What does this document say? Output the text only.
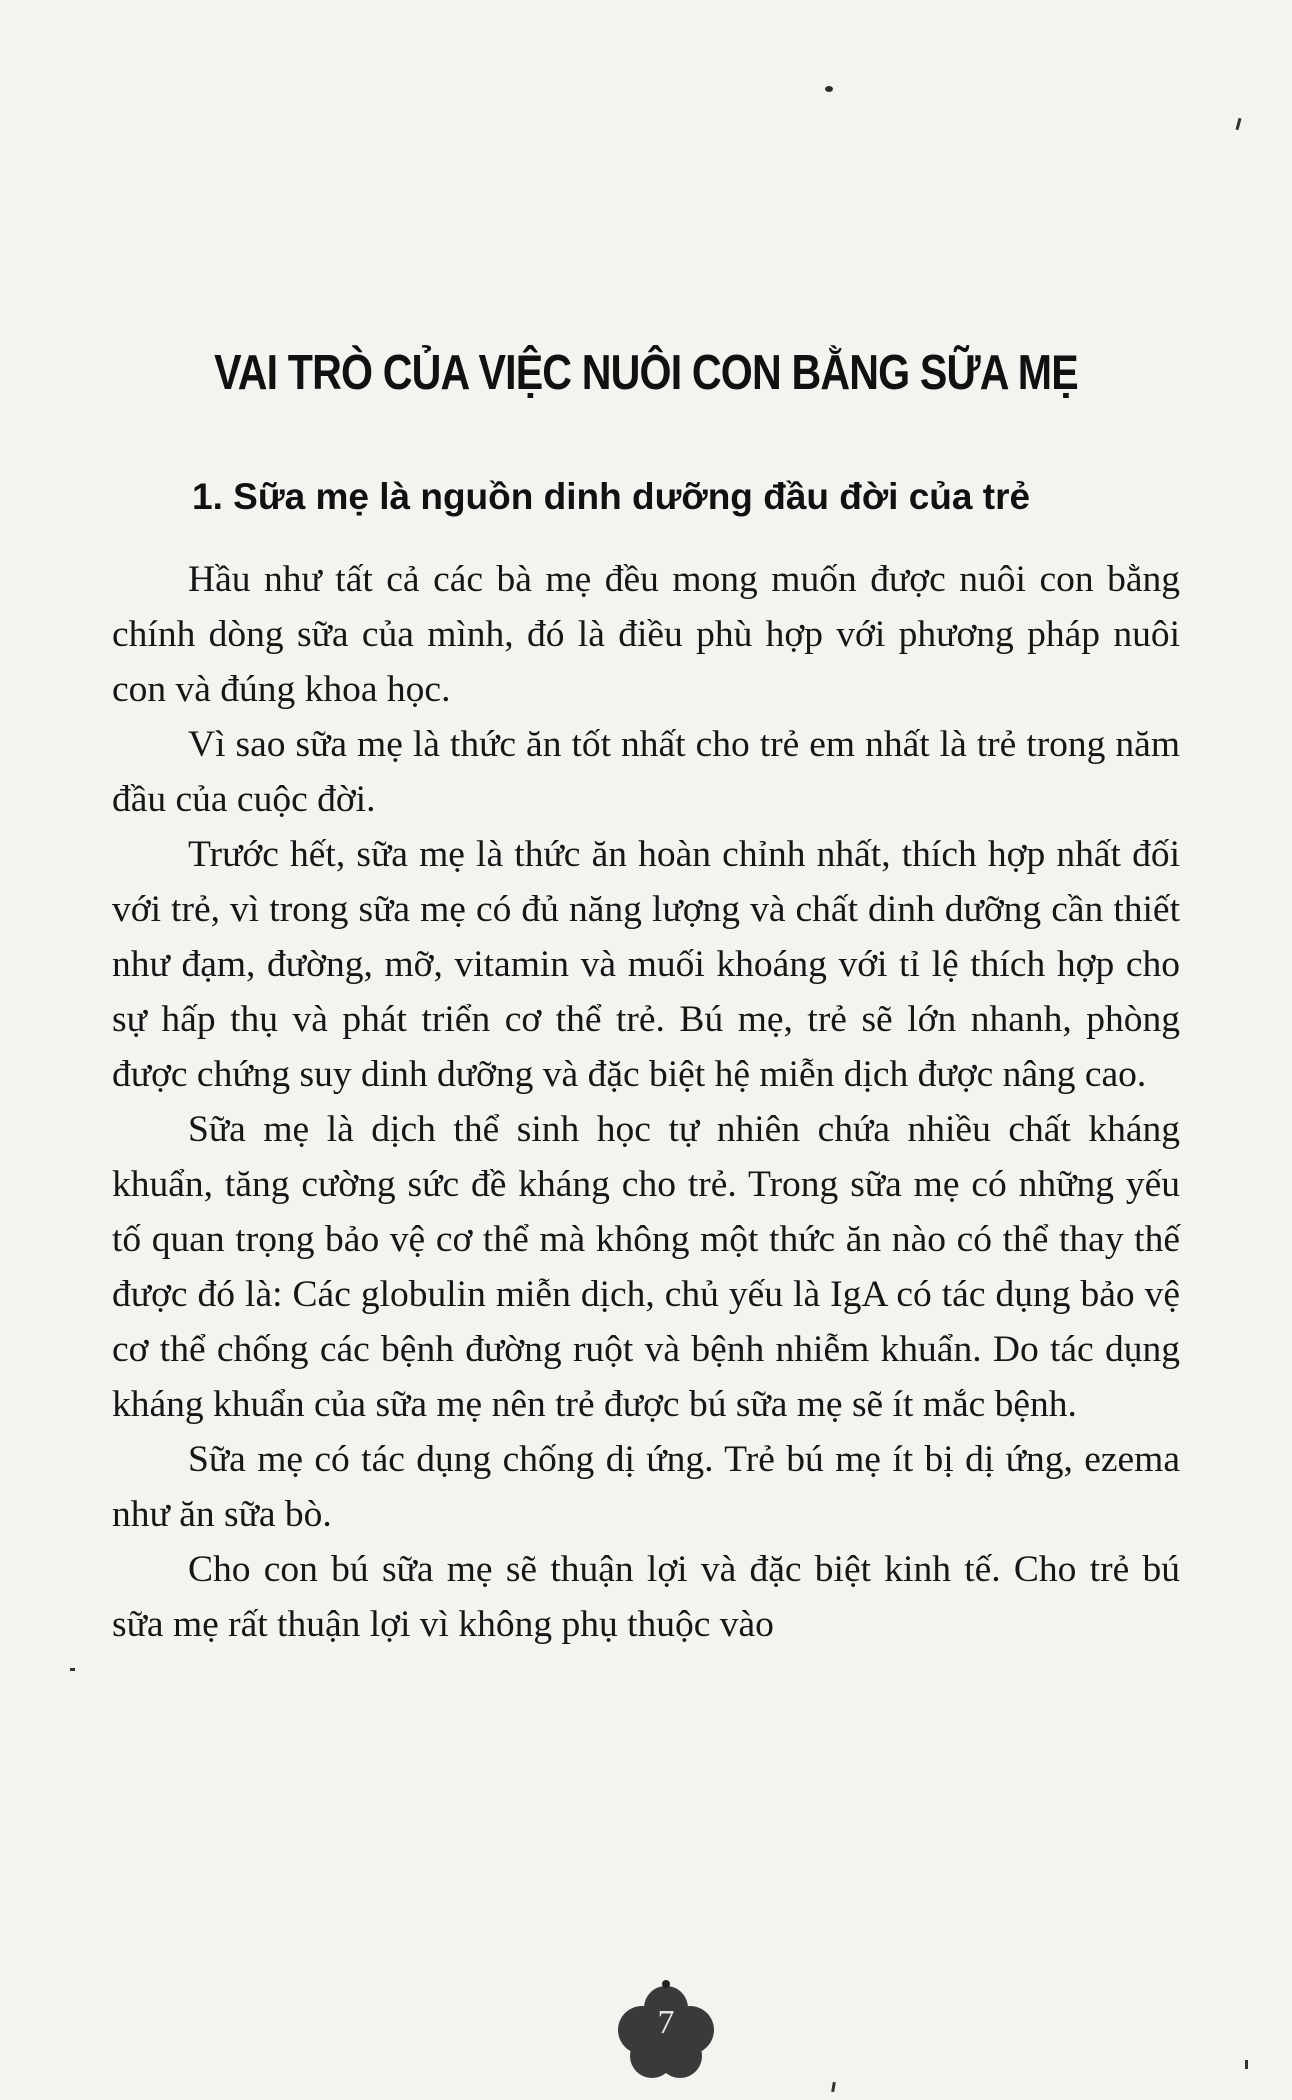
VAI TRÒ CỦA VIỆC NUÔI CON BẰNG SỮA MẸ
1. Sữa mẹ là nguồn dinh dưỡng đầu đời của trẻ

Hầu như tất cả các bà mẹ đều mong muốn được nuôi con bằng chính dòng sữa của mình, đó là điều phù hợp với phương pháp nuôi con và đúng khoa học.

Vì sao sữa mẹ là thức ăn tốt nhất cho trẻ em nhất là trẻ trong năm đầu của cuộc đời.

Trước hết, sữa mẹ là thức ăn hoàn chỉnh nhất, thích hợp nhất đối với trẻ, vì trong sữa mẹ có đủ năng lượng và chất dinh dưỡng cần thiết như đạm, đường, mỡ, vitamin và muối khoáng với tỉ lệ thích hợp cho sự hấp thụ và phát triển cơ thể trẻ. Bú mẹ, trẻ sẽ lớn nhanh, phòng được chứng suy dinh dưỡng và đặc biệt hệ miễn dịch được nâng cao.

Sữa mẹ là dịch thể sinh học tự nhiên chứa nhiều chất kháng khuẩn, tăng cường sức đề kháng cho trẻ. Trong sữa mẹ có những yếu tố quan trọng bảo vệ cơ thể mà không một thức ăn nào có thể thay thế được đó là: Các globulin miễn dịch, chủ yếu là IgA có tác dụng bảo vệ cơ thể chống các bệnh đường ruột và bệnh nhiễm khuẩn. Do tác dụng kháng khuẩn của sữa mẹ nên trẻ được bú sữa mẹ sẽ ít mắc bệnh.

Sữa mẹ có tác dụng chống dị ứng. Trẻ bú mẹ ít bị dị ứng, ezema như ăn sữa bò.

Cho con bú sữa mẹ sẽ thuận lợi và đặc biệt kinh tế. Cho trẻ bú sữa mẹ rất thuận lợi vì không phụ thuộc vào

7
